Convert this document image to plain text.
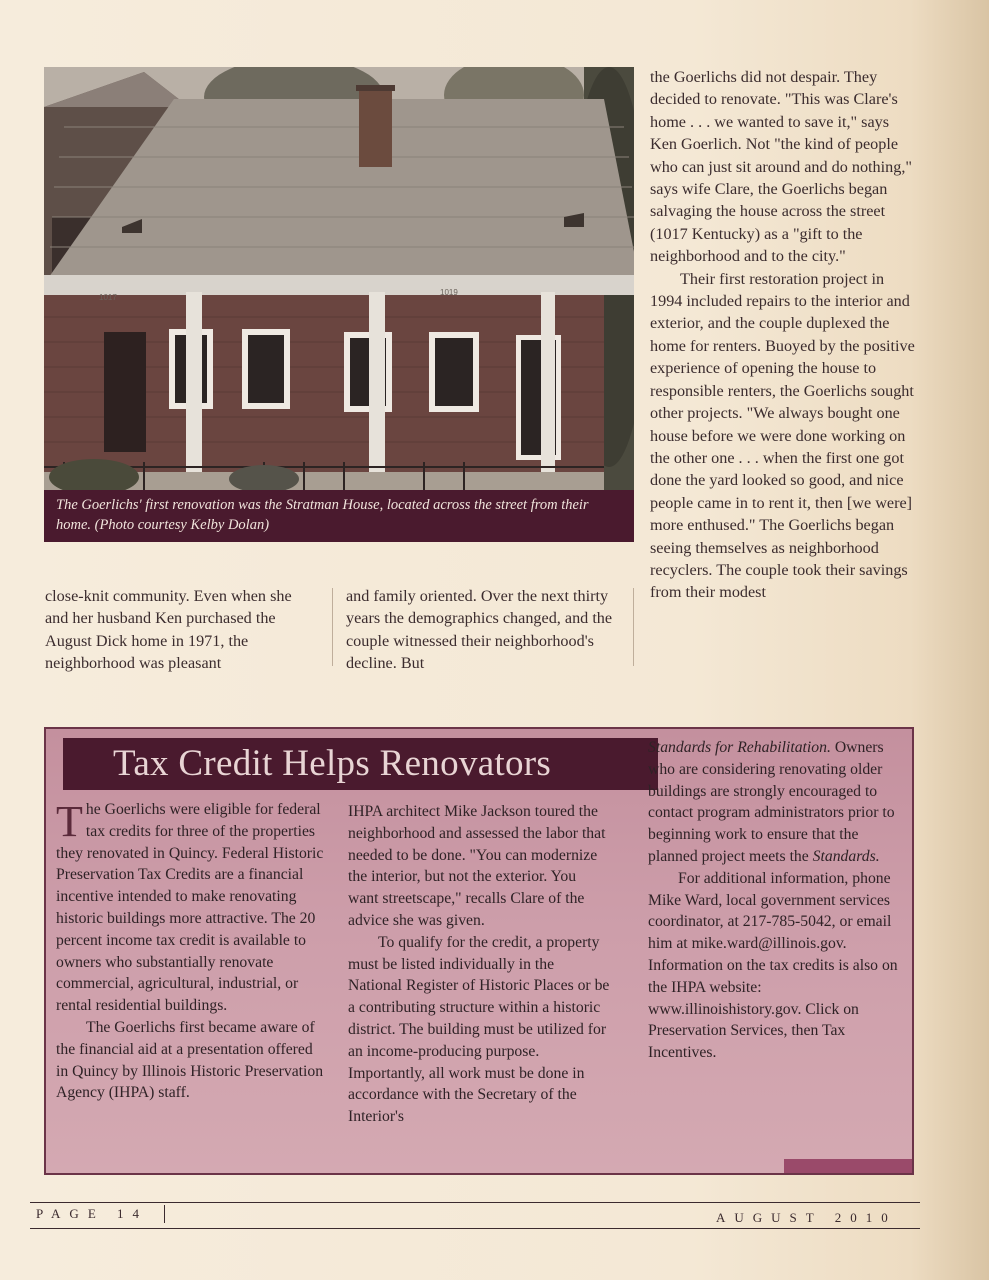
1017
1019
The Goerlichs' first renovation was the Stratman House, located across the street from their home. (Photo courtesy Kelby Dolan)

close-knit community. Even when she and her husband Ken purchased the August Dick home in 1971, the neighborhood was pleasant

and family oriented. Over the next thirty years the demographics changed, and the couple witnessed their neighborhood's decline. But

the Goerlichs did not despair. They decided to renovate. "This was Clare's home . . . we wanted to save it," says Ken Goerlich. Not "the kind of people who can just sit around and do nothing," says wife Clare, the Goerlichs began salvaging the house across the street (1017 Kentucky) as a "gift to the neighborhood and to the city."

Their first restoration project in 1994 included repairs to the interior and exterior, and the couple duplexed the home for renters. Buoyed by the positive experience of opening the house to responsible renters, the Goerlichs sought other projects. "We always bought one house before we were done working on the other one . . . when the first one got done the yard looked so good, and nice people came in to rent it, then [we were] more enthused." The Goerlichs began seeing themselves as neighborhood recyclers. The couple took their savings from their modest

Tax Credit Helps Renovators

The Goerlichs were eligible for federal tax credits for three of the properties they renovated in Quincy. Federal Historic Preservation Tax Credits are a financial incentive intended to make renovating historic buildings more attractive. The 20 percent income tax credit is available to owners who substantially renovate commercial, agricultural, industrial, or rental residential buildings.

The Goerlichs first became aware of the financial aid at a presentation offered in Quincy by Illinois Historic Preservation Agency (IHPA) staff.

IHPA architect Mike Jackson toured the neighborhood and assessed the labor that needed to be done. "You can modernize the interior, but not the exterior. You want streetscape," recalls Clare of the advice she was given.

To qualify for the credit, a property must be listed individually in the National Register of Historic Places or be a contributing structure within a historic district. The building must be utilized for an income-producing purpose. Importantly, all work must be done in accordance with the Secretary of the Interior's

Standards for Rehabilitation. Owners who are considering renovating older buildings are strongly encouraged to contact program administrators prior to beginning work to ensure that the planned project meets the Standards.

For additional information, phone Mike Ward, local government services coordinator, at 217-785-5042, or email him at mike.ward@illinois.gov. Information on the tax credits is also on the IHPA website: www.illinoishistory.gov. Click on Preservation Services, then Tax Incentives.

PAGE 14	AUGUST 2010
